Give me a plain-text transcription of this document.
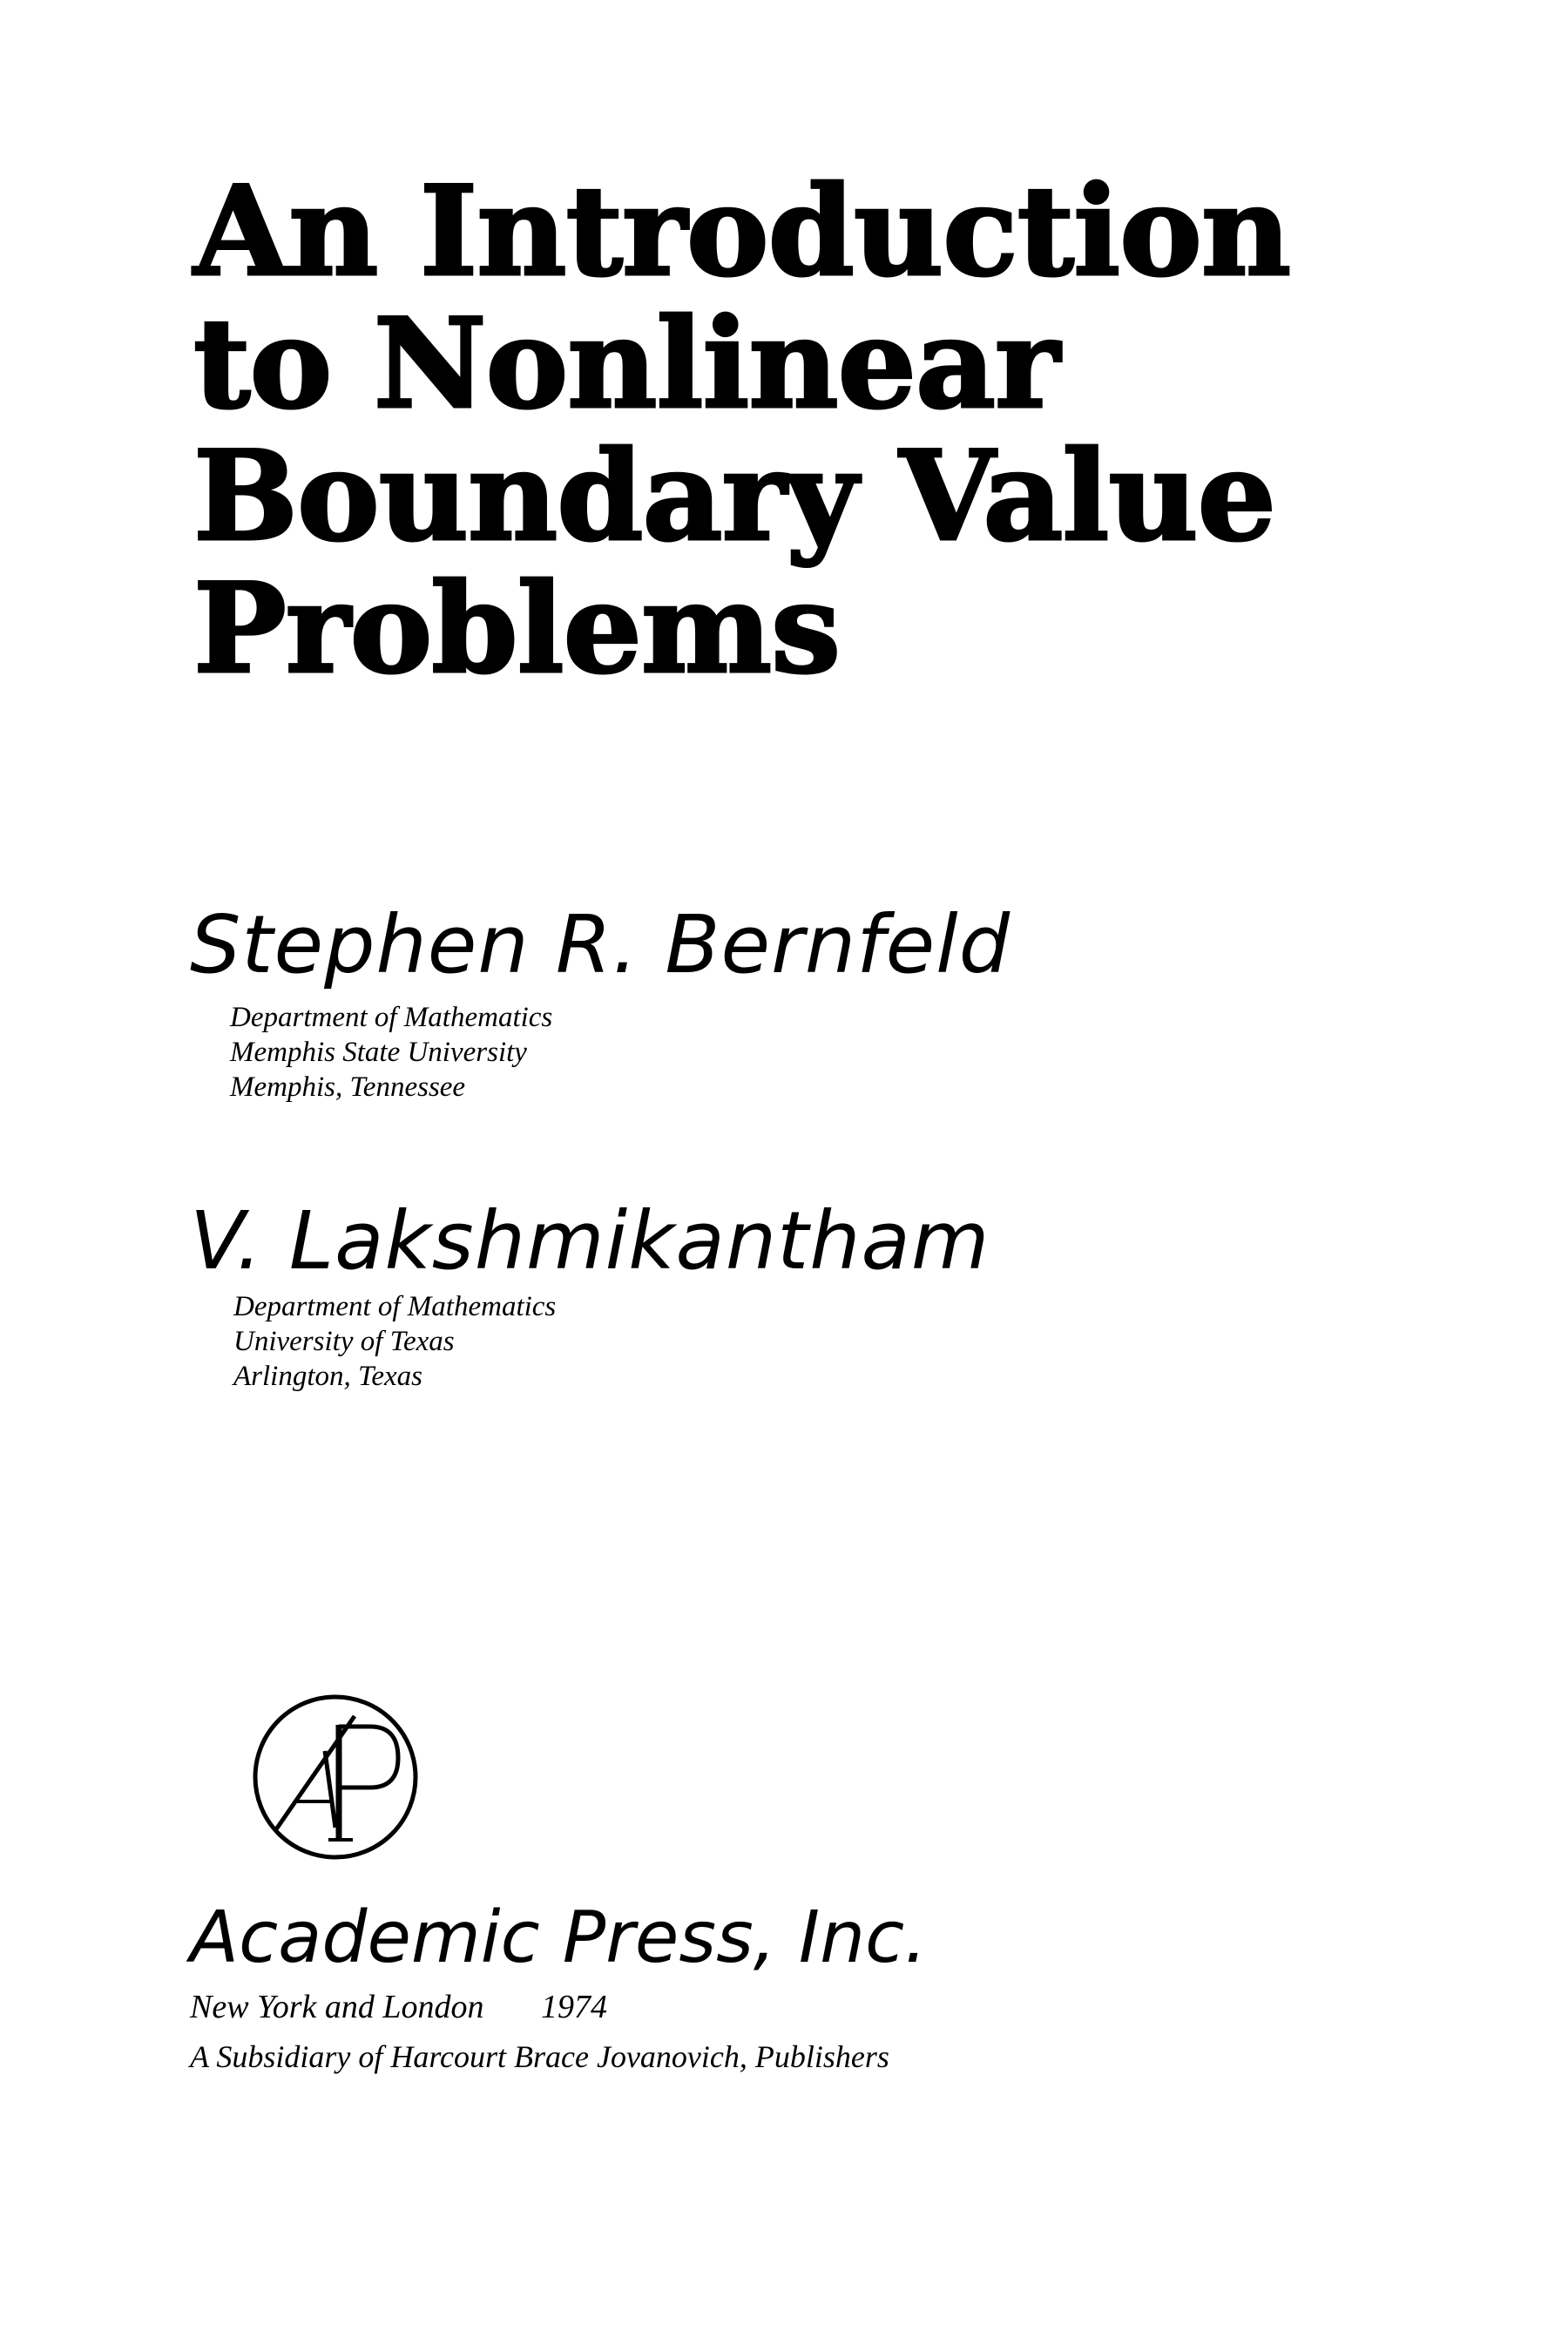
An Introduction
to Nonlinear
Boundary Value
Problems
Stephen R. Bernfeld
Department of Mathematics
Memphis State University
Memphis, Tennessee
V. Lakshmikantham
Department of Mathematics
University of Texas
Arlington, Texas
Academic Press, Inc.
New York and London 1974
A Subsidiary of Harcourt Brace Jovanovich, Publishers
